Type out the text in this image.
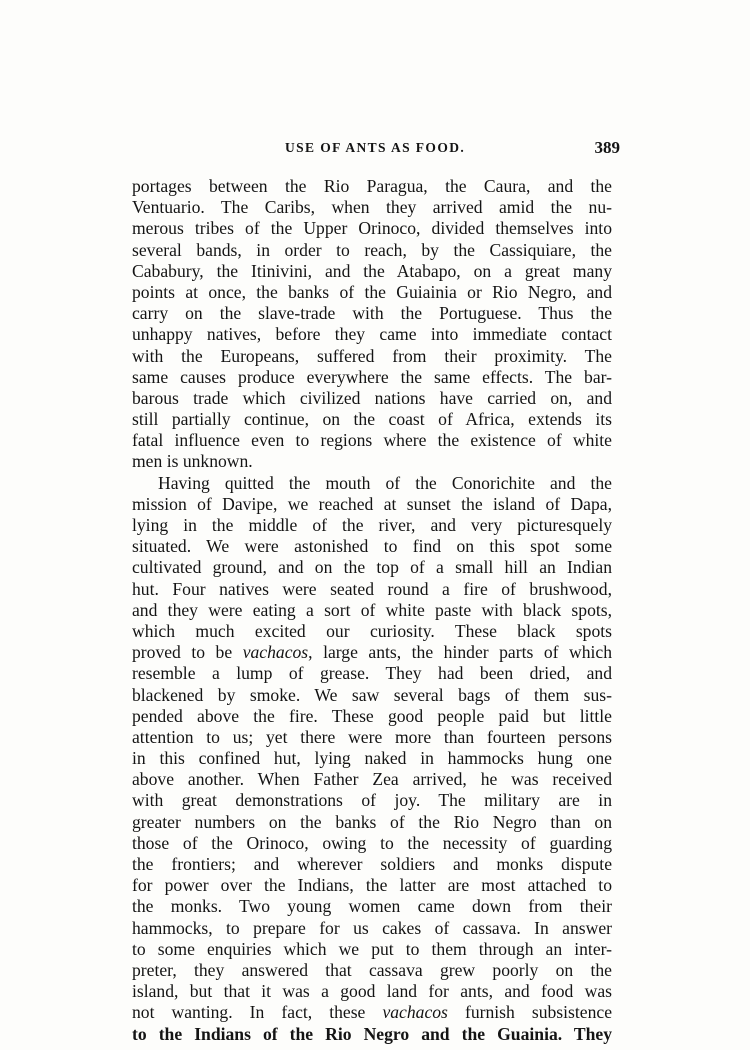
USE OF ANTS AS FOOD.	389
portages between the Rio Paragua, the Caura, and the
Ventuario. The Caribs, when they arrived amid the nu-
merous tribes of the Upper Orinoco, divided themselves into
several bands, in order to reach, by the Cassiquiare, the
Cababury, the Itinivini, and the Atabapo, on a great many
points at once, the banks of the Guiainia or Rio Negro, and
carry on the slave-trade with the Portuguese. Thus the
unhappy natives, before they came into immediate contact
with the Europeans, suffered from their proximity. The
same causes produce everywhere the same effects. The bar-
barous trade which civilized nations have carried on, and
still partially continue, on the coast of Africa, extends its
fatal influence even to regions where the existence of white
men is unknown.
Having quitted the mouth of the Conorichite and the
mission of Davipe, we reached at sunset the island of Dapa,
lying in the middle of the river, and very picturesquely
situated. We were astonished to find on this spot some
cultivated ground, and on the top of a small hill an Indian
hut. Four natives were seated round a fire of brushwood,
and they were eating a sort of white paste with black spots,
which much excited our curiosity. These black spots
proved to be vachacos, large ants, the hinder parts of which
resemble a lump of grease. They had been dried, and
blackened by smoke. We saw several bags of them sus-
pended above the fire. These good people paid but little
attention to us; yet there were more than fourteen persons
in this confined hut, lying naked in hammocks hung one
above another. When Father Zea arrived, he was received
with great demonstrations of joy. The military are in
greater numbers on the banks of the Rio Negro than on
those of the Orinoco, owing to the necessity of guarding
the frontiers; and wherever soldiers and monks dispute
for power over the Indians, the latter are most attached to
the monks. Two young women came down from their
hammocks, to prepare for us cakes of cassava. In answer
to some enquiries which we put to them through an inter-
preter, they answered that cassava grew poorly on the
island, but that it was a good land for ants, and food was
not wanting. In fact, these vachacos furnish subsistence
to the Indians of the Rio Negro and the Guainia. They
